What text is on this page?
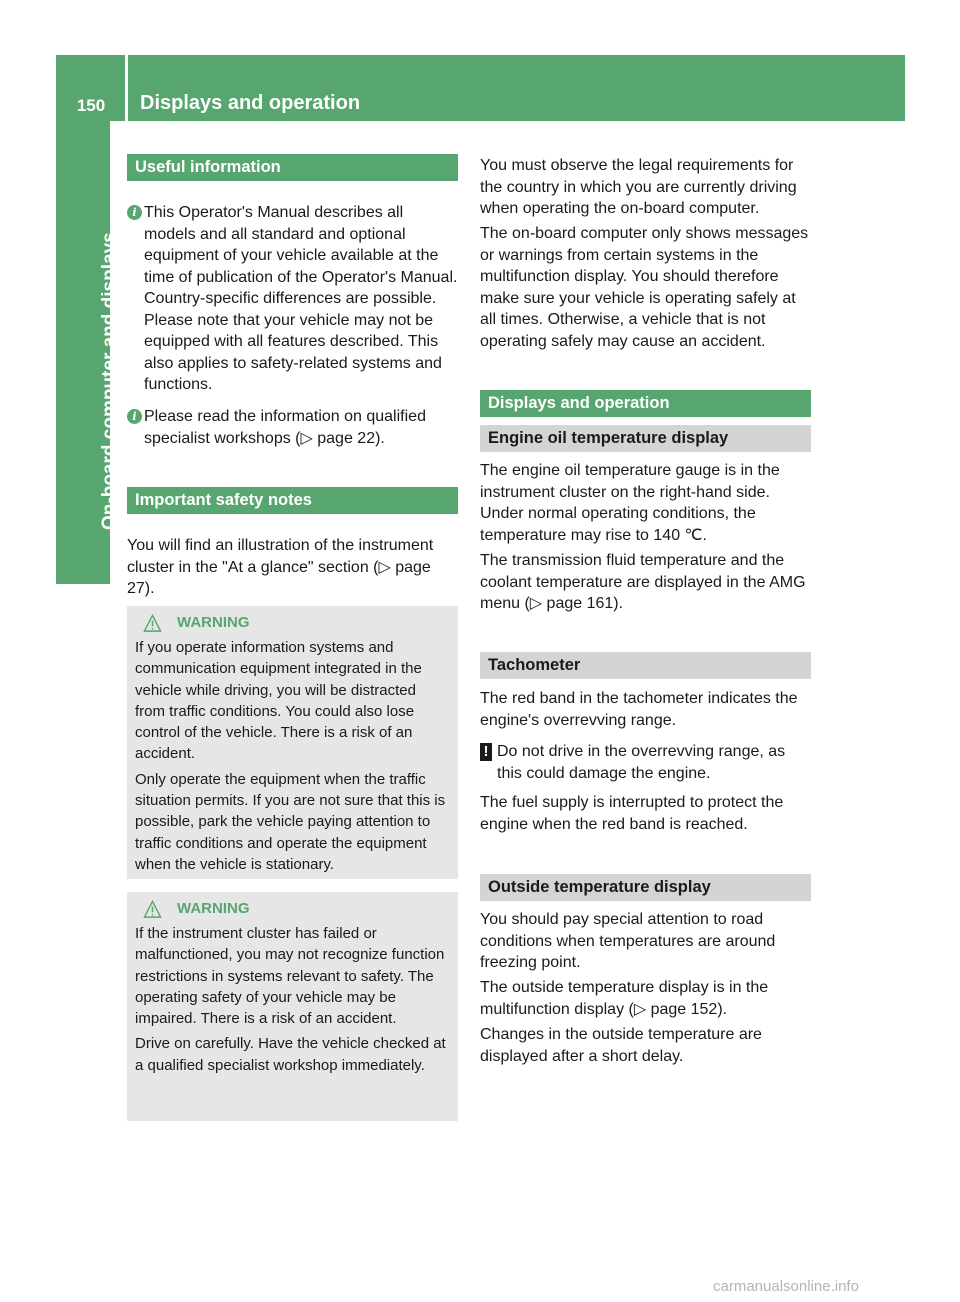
150	Displays and operation
On-board computer and displays
Useful information
i This Operator's Manual describes all models and all standard and optional equipment of your vehicle available at the time of publication of the Operator's Manual. Country-specific differences are possible. Please note that your vehicle may not be equipped with all features described. This also applies to safety-related systems and functions.
i Please read the information on qualified specialist workshops (▷ page 22).
Important safety notes
You will find an illustration of the instrument cluster in the "At a glance" section (▷ page 27).
WARNING

If you operate information systems and communication equipment integrated in the vehicle while driving, you will be distracted from traffic conditions. You could also lose control of the vehicle. There is a risk of an accident.

Only operate the equipment when the traffic situation permits. If you are not sure that this is possible, park the vehicle paying attention to traffic conditions and operate the equipment when the vehicle is stationary.

WARNING

If the instrument cluster has failed or malfunctioned, you may not recognize function restrictions in systems relevant to safety. The operating safety of your vehicle may be impaired. There is a risk of an accident.

Drive on carefully. Have the vehicle checked at a qualified specialist workshop immediately.

You must observe the legal requirements for the country in which you are currently driving when operating the on-board computer.
The on-board computer only shows messages or warnings from certain systems in the multifunction display. You should therefore make sure your vehicle is operating safely at all times. Otherwise, a vehicle that is not operating safely may cause an accident.
Displays and operation
Engine oil temperature display
The engine oil temperature gauge is in the instrument cluster on the right-hand side. Under normal operating conditions, the temperature may rise to 140 ℃.
The transmission fluid temperature and the coolant temperature are displayed in the AMG menu (▷ page 161).
Tachometer
The red band in the tachometer indicates the engine's overrevving range.
! Do not drive in the overrevving range, as this could damage the engine.
The fuel supply is interrupted to protect the engine when the red band is reached.
Outside temperature display
You should pay special attention to road conditions when temperatures are around freezing point.
The outside temperature display is in the multifunction display (▷ page 152).
Changes in the outside temperature are displayed after a short delay.
carmanualsonline.info
